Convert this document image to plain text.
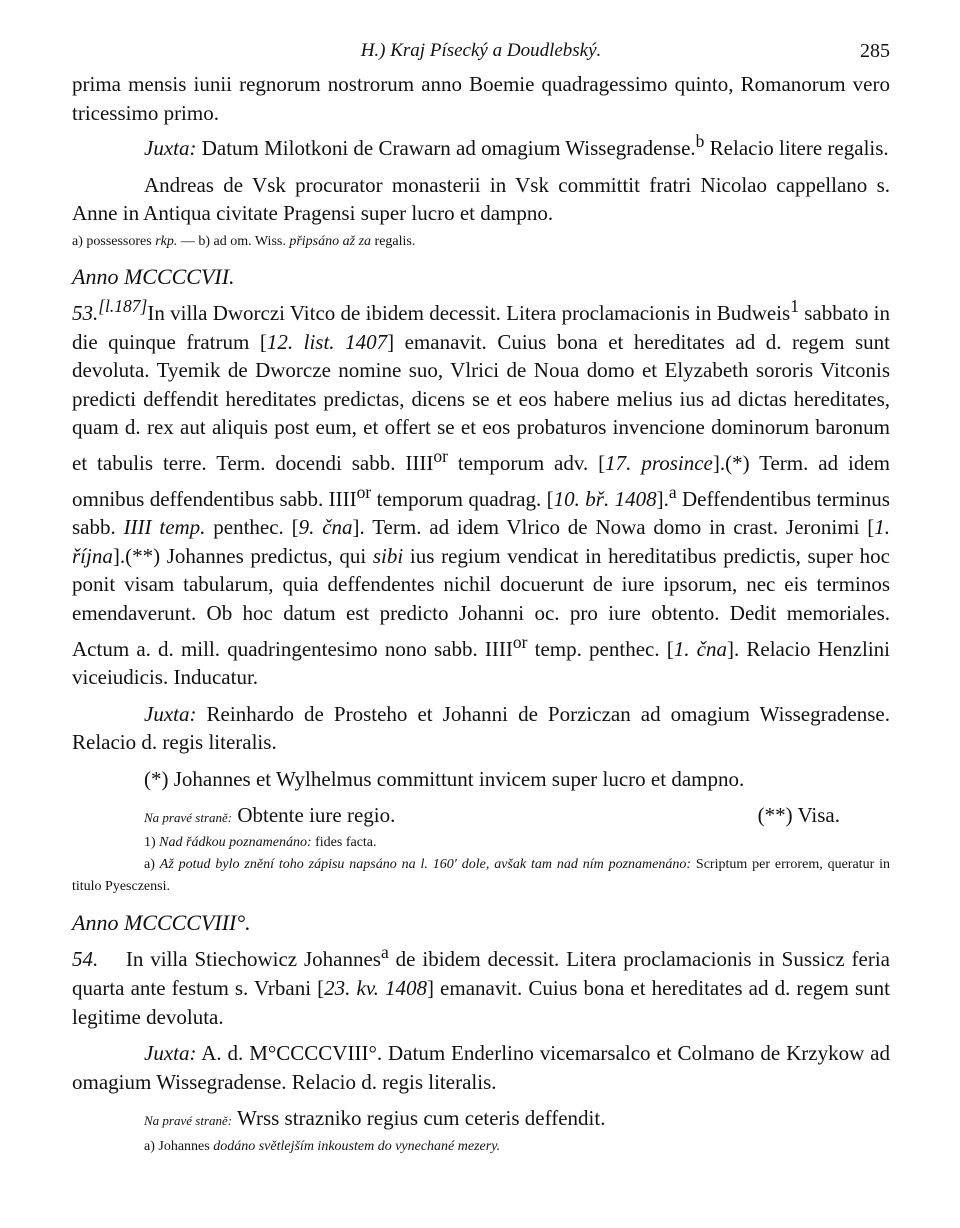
H.) Kraj Písecký a Doudlebský.	285

prima mensis iunii regnorum nostrorum anno Boemie quadragessimo quinto, Romanorum vero tricessimo primo.

Juxta: Datum Milotkoni de Crawarn ad omagium Wissegradense.$^b$ Relacio litere regalis.

Andreas de Vsk procurator monasterii in Vsk committit fratri Nicolao cappellano s. Anne in Antiqua civitate Pragensi super lucro et dampno.

a) possessores rkp. — b) ad om. Wiss. připsáno až za regalis.

Anno MCCCCVII.

53.[l.187]In villa Dworczi Vitco de ibidem decessit. Litera proclamacionis in Budweis$^1$ sabbato in die quinque fratrum [12. list. 1407] emanavit. Cuius bona et hereditates ad d. regem sunt devoluta. Tyemik de Dworcze nomine suo, Vlrici de Noua domo et Elyzabeth sororis Vitconis predicti deffendit hereditates predictas, dicens se et eos habere melius ius ad dictas hereditates, quam d. rex aut aliquis post eum, et offert se et eos probaturos invencione dominorum baronum et tabulis terre. Term. docendi sabb. $IIII^{or}$ temporum adv. [17. prosince].(*) Term. ad idem omnibus deffendentibus sabb. $IIII^{or}$ temporum quadrag. [10. bř. 1408].$^a$ Deffendentibus terminus sabb. IIII temp. penthec. [9. čna]. Term. ad idem Vlrico de Nowa domo in crast. Jeronimi [1. října].(**) Johannes predictus, qui sibi ius regium vendicat in hereditatibus predictis, super hoc ponit visam tabularum, quia deffendentes nichil docuerunt de iure ipsorum, nec eis terminos emendaverunt. Ob hoc datum est predicto Johanni oc. pro iure obtento. Dedit memoriales. Actum a. d. mill. quadringentesimo nono sabb. $IIII^{or}$ temp. penthec. [1. čna]. Relacio Henzlini viceiudicis. Inducatur.

Juxta: Reinhardo de Prosteho et Johanni de Porziczan ad omagium Wissegradense. Relacio d. regis literalis.

(*) Johannes et Wylhelmus committunt invicem super lucro et dampno.

Na pravé straně: Obtente iure regio.	(**) Visa.

1) Nad řádkou poznamenáno: fides facta.

a) Až potud bylo znění toho zápisu napsáno na l. 160′ dole, avšak tam nad ním poznamenáno: Scriptum per errorem, queratur in titulo Pyesczensi.

Anno MCCCCVIII°.

54. In villa Stiechowicz Johannes$^a$ de ibidem decessit. Litera proclamacionis in Sussicz feria quarta ante festum s. Vrbani [23. kv. 1408] emanavit. Cuius bona et hereditates ad d. regem sunt legitime devoluta.

Juxta: A. d. M°CCCCVIII°. Datum Enderlino vicemarsalco et Colmano de Krzykow ad omagium Wissegradense. Relacio d. regis literalis.

Na pravé straně: Wrss strazniko regius cum ceteris deffendit.

a) Johannes dodáno světlejším inkoustem do vynechané mezery.
